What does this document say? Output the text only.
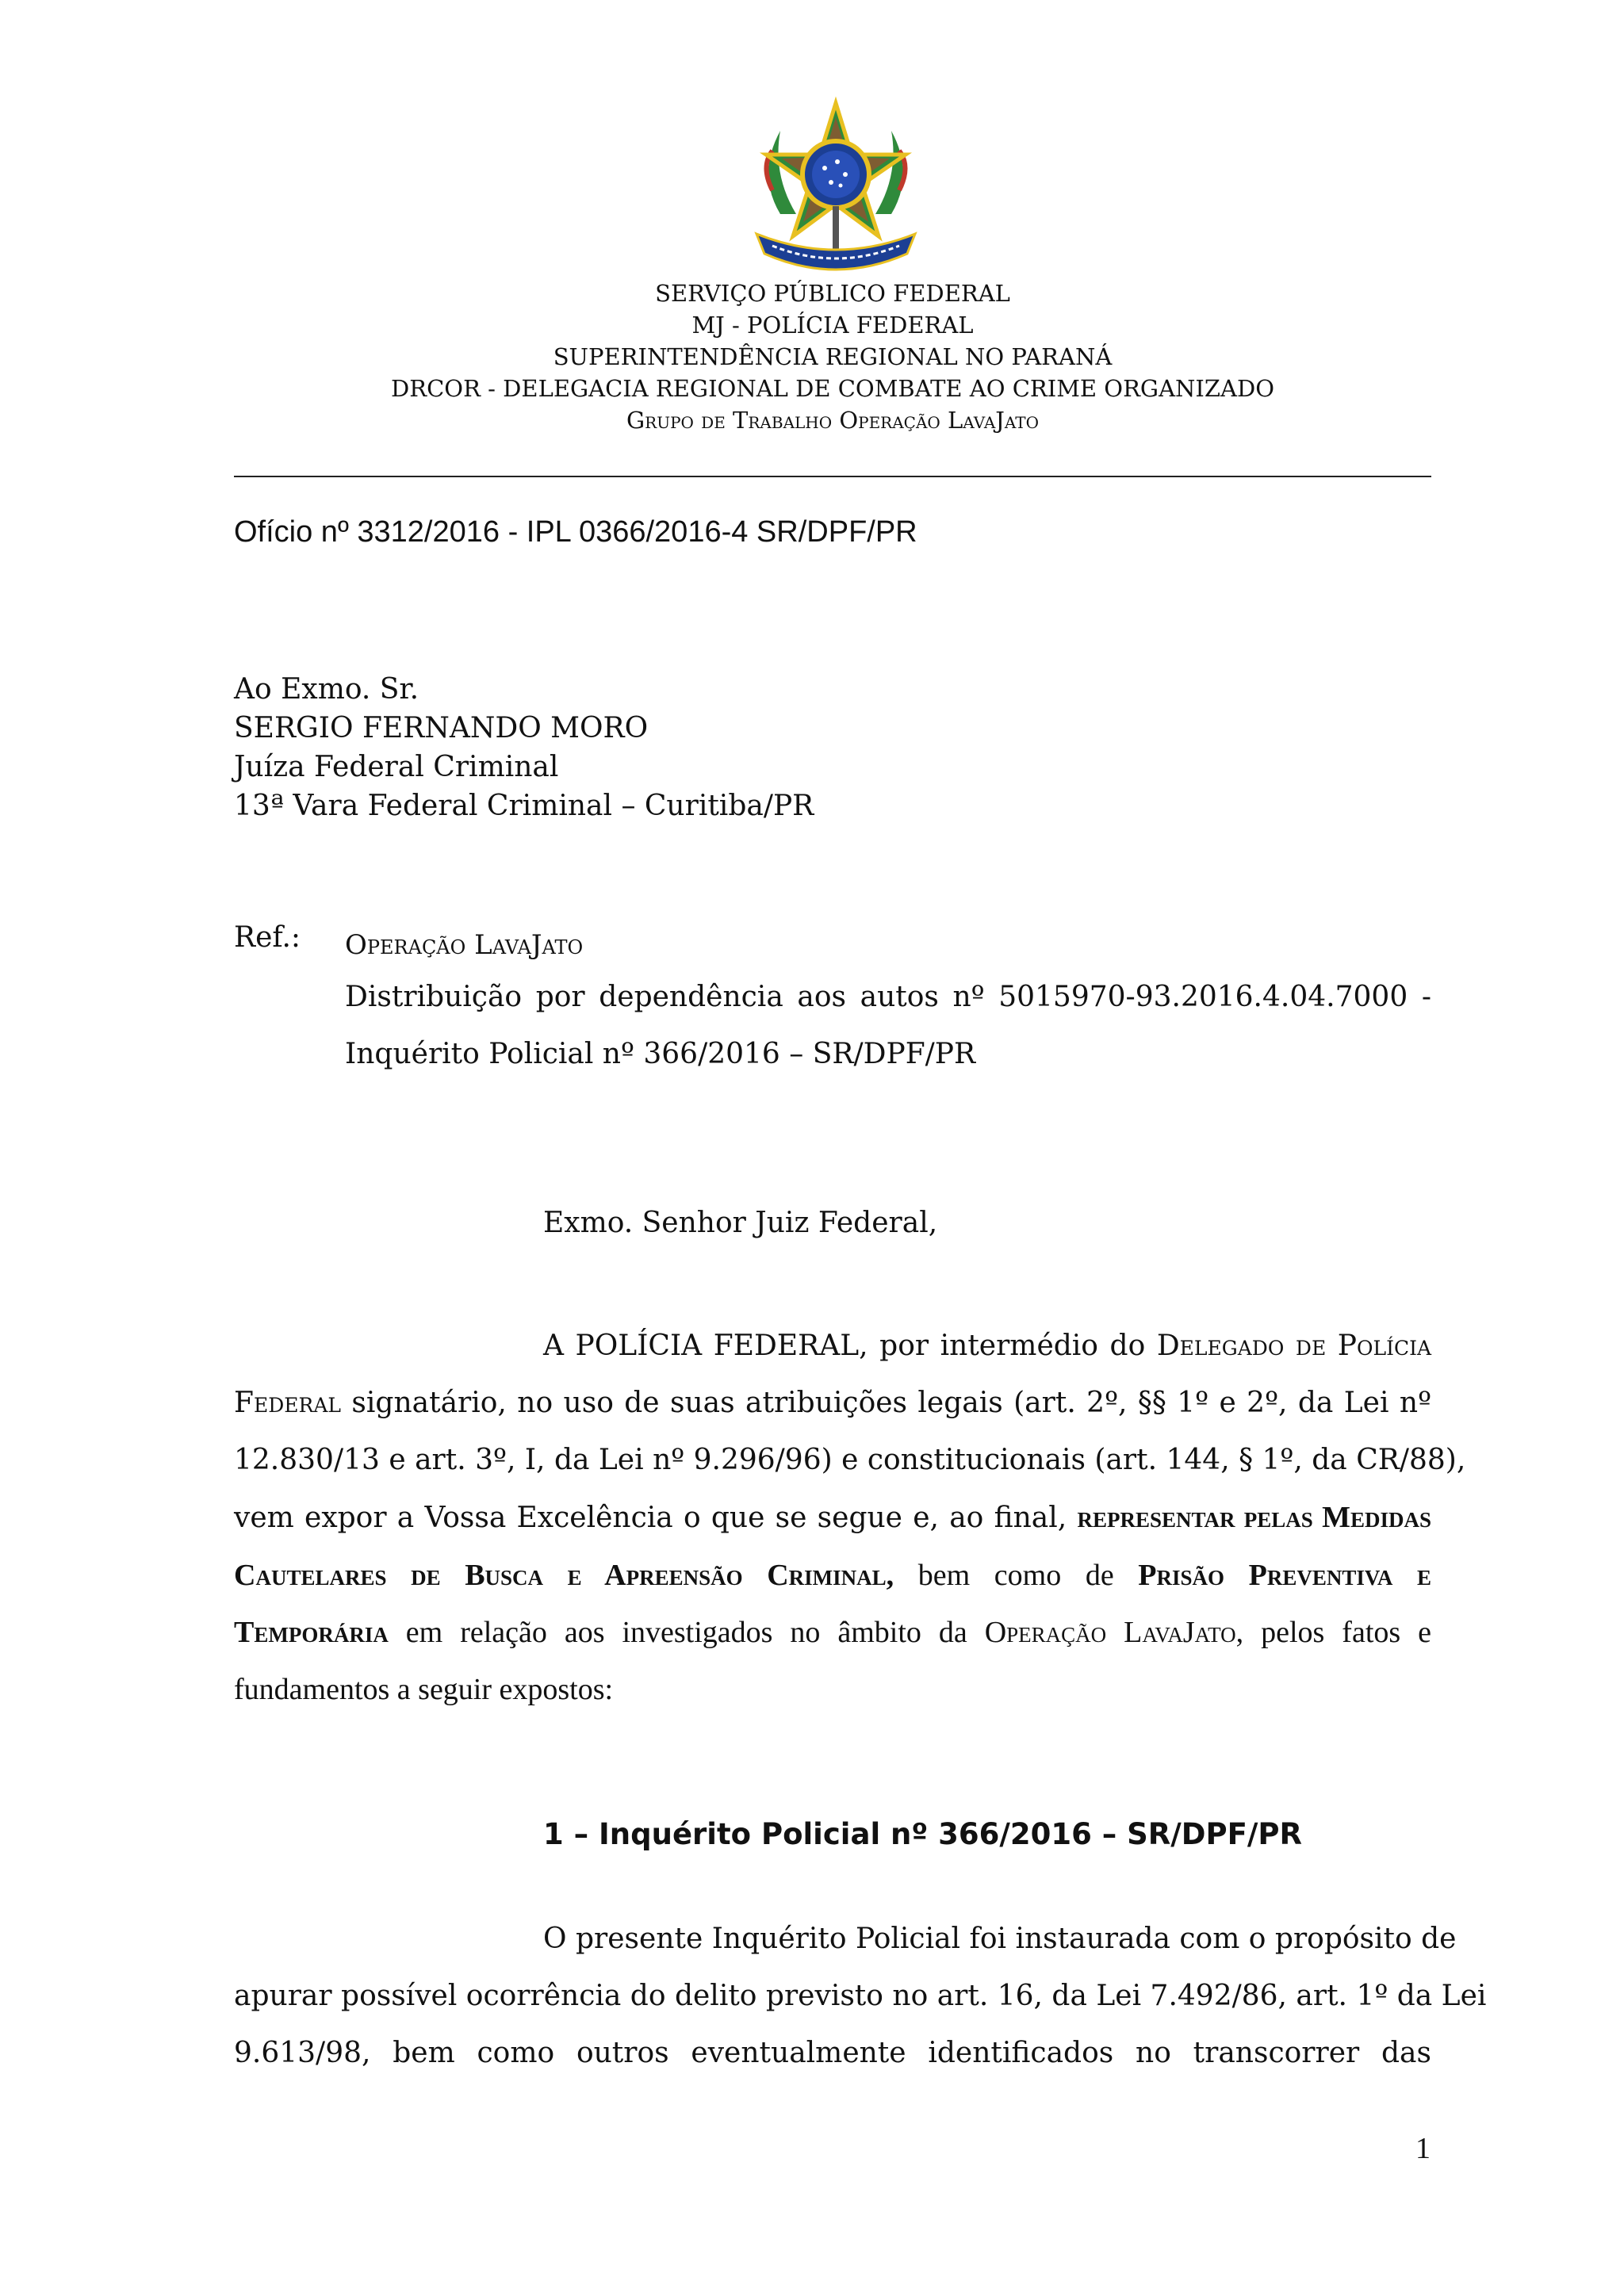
SERVIÇO PÚBLICO FEDERAL
MJ - POLÍCIA FEDERAL
SUPERINTENDÊNCIA REGIONAL NO PARANÁ
DRCOR - DELEGACIA REGIONAL DE COMBATE AO CRIME ORGANIZADO
Grupo de Trabalho Operação LavaJato
Ofício nº 3312/2016 - IPL 0366/2016-4 SR/DPF/PR
Ao Exmo. Sr.
SERGIO FERNANDO MORO
Juíza Federal Criminal
13ª Vara Federal Criminal – Curitiba/PR
Ref.: Operação LavaJato
Distribuição por dependência aos autos nº 5015970-93.2016.4.04.7000 -
Inquérito Policial nº 366/2016 – SR/DPF/PR
Exmo. Senhor Juiz Federal,
A POLÍCIA FEDERAL, por intermédio do Delegado de Polícia
Federal signatário, no uso de suas atribuições legais (art. 2º, §§ 1º e 2º, da Lei nº
12.830/13 e art. 3º, I, da Lei nº 9.296/96) e constitucionais (art. 144, § 1º, da CR/88),
vem expor a Vossa Excelência o que se segue e, ao final, representar pelas Medidas
Cautelares de Busca e Apreensão Criminal, bem como de Prisão Preventiva e
Temporária em relação aos investigados no âmbito da Operação LavaJato, pelos fatos e
fundamentos a seguir expostos:
1 – Inquérito Policial nº 366/2016 – SR/DPF/PR
O presente Inquérito Policial foi instaurada com o propósito de
apurar possível ocorrência do delito previsto no art. 16, da Lei 7.492/86, art. 1º da Lei
9.613/98, bem como outros eventualmente identificados no transcorrer das
1
